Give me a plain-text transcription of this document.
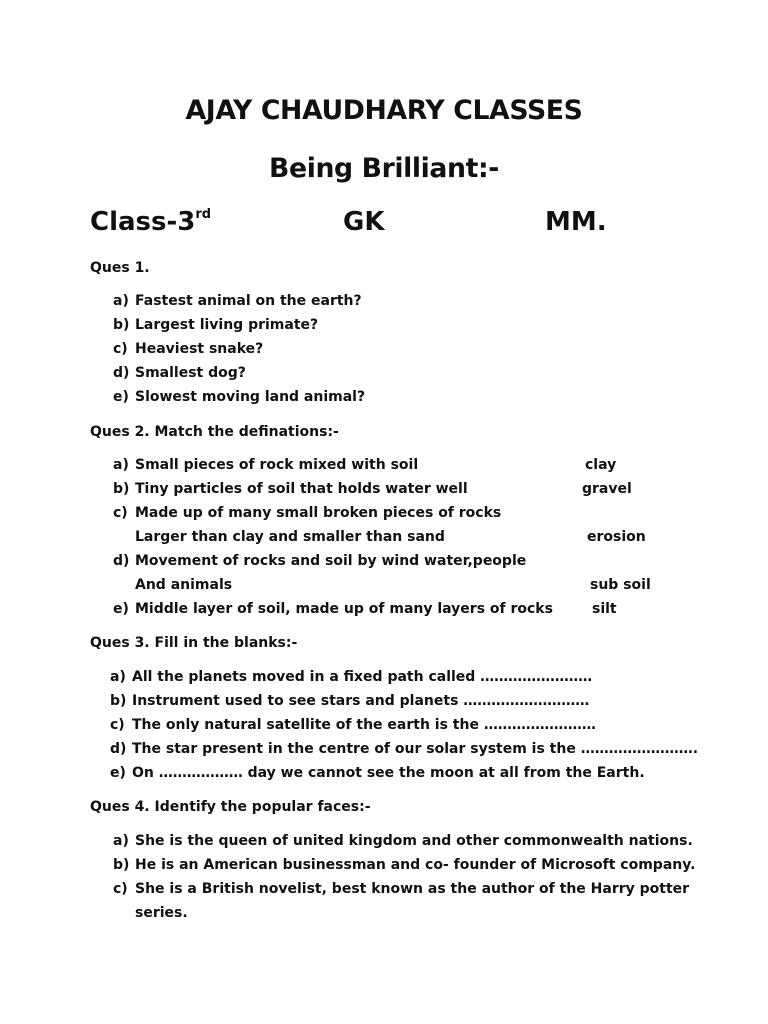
AJAY CHAUDHARY CLASSES
Being Brilliant:-
Class-3rd	GK	MM.
Ques 1.
a) Fastest animal on the earth?
b) Largest living primate?
c) Heaviest snake?
d) Smallest dog?
e) Slowest moving land animal?
Ques 2. Match the definations:-
a) Small pieces of rock mixed with soil
b) Tiny particles of soil that holds water well
c) Made up of many small broken pieces of rocks
Larger than clay and smaller than sand
d) Movement of rocks and soil by wind water,people
And animals
e) Middle layer of soil, made up of many layers of rocks
clay
gravel
erosion
sub soil
silt
Ques 3. Fill in the blanks:-
a) All the planets moved in a fixed path called ……………………
b) Instrument used to see stars and planets ………………………
c) The only natural satellite of the earth is the ……………………
d) The star present in the centre of our solar system is the …………………….
e) On ……………… day we cannot see the moon at all from the Earth.
Ques 4. Identify the popular faces:-
a) She is the queen of united kingdom and other commonwealth nations.
b) He is an American businessman and co- founder of Microsoft company.
c) She is a British novelist, best known as the author of the Harry potter
series.
